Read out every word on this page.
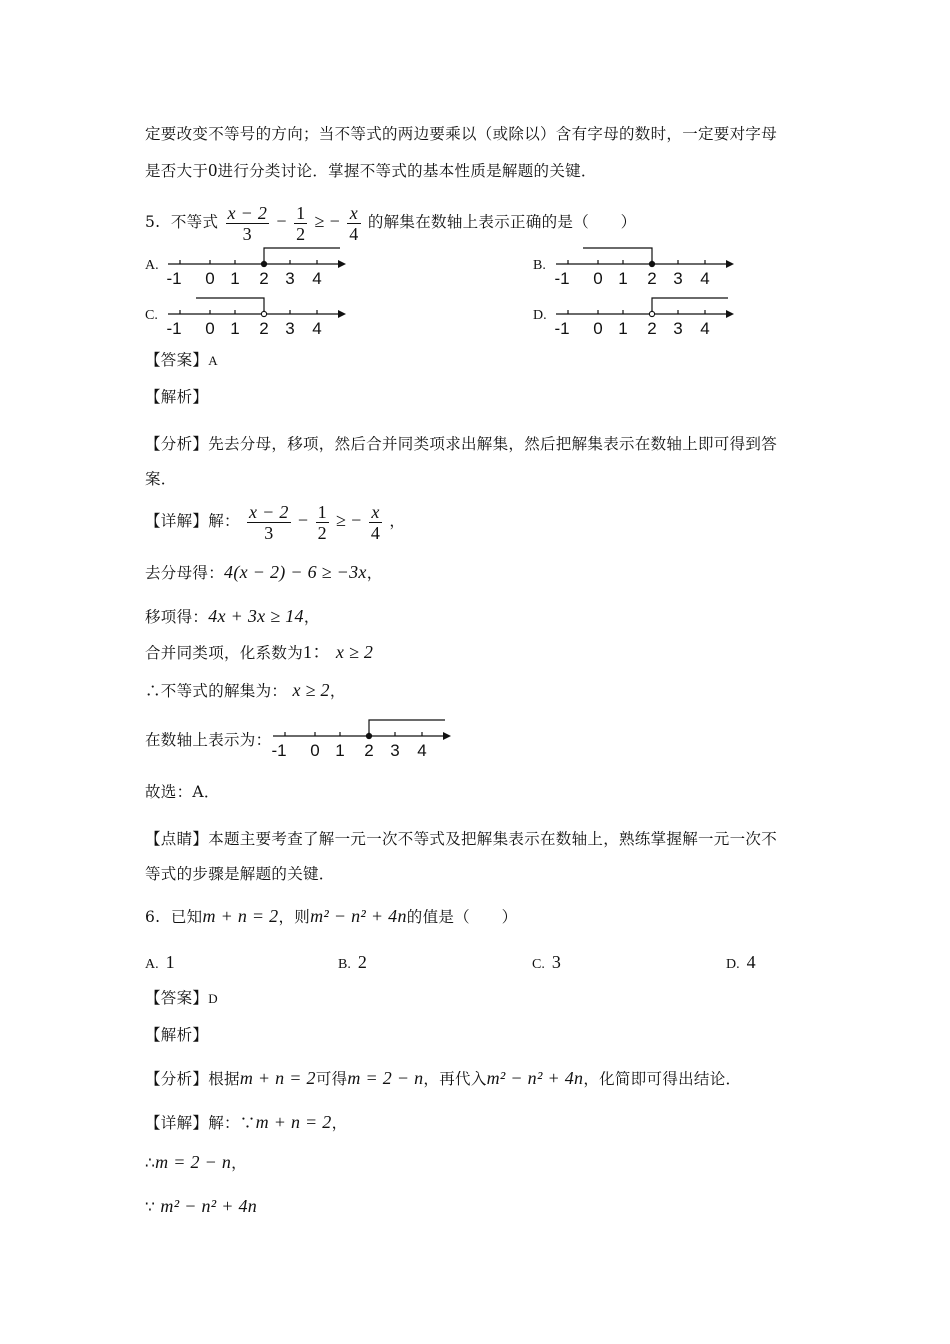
定要改变不等号的方向；当不等式的两边要乘以（或除以）含有字母的数时，一定要对字母
是否大于0进行分类讨论．掌握不等式的基本性质是解题的关键．
5. 不等式 $\frac{x - 2}{3} - \frac{1}{2}$ ≥ − $\frac{x}{4}$ 的解集在数轴上表示正确的是（　　）
A.	B.
C.	D.
-1 0 1 2 3 4	-1 0 1 2 3 4
-1 0 1 2 3 4	-1 0 1 2 3 4
【答案】A
【解析】
【分析】先去分母，移项，然后合并同类项求出解集，然后把解集表示在数轴上即可得到答
案．
【详解】解： $\frac{x - 2}{3} - \frac{1}{2}$ ≥ − $\frac{x}{4}$ ，
去分母得：4(x − 2) − 6 ≥ −3x，
移项得：4x + 3x ≥ 14，
合并同类项，化系数为1： x ≥ 2
∴不等式的解集为： x ≥ 2，
在数轴上表示为：
-1 0 1 2 3 4
故选：A．
【点睛】本题主要考查了解一元一次不等式及把解集表示在数轴上，熟练掌握解一元一次不
等式的步骤是解题的关键．
6. 已知m + n = 2，则m² − n² + 4n的值是（　　）
A. 1	B. 2	C. 3	D. 4
【答案】D
【解析】
【分析】根据m + n = 2可得m = 2 − n，再代入m² − n² + 4n，化简即可得出结论．
【详解】解：∵m + n = 2，
∴m = 2 − n，
∵ m² − n² + 4n
